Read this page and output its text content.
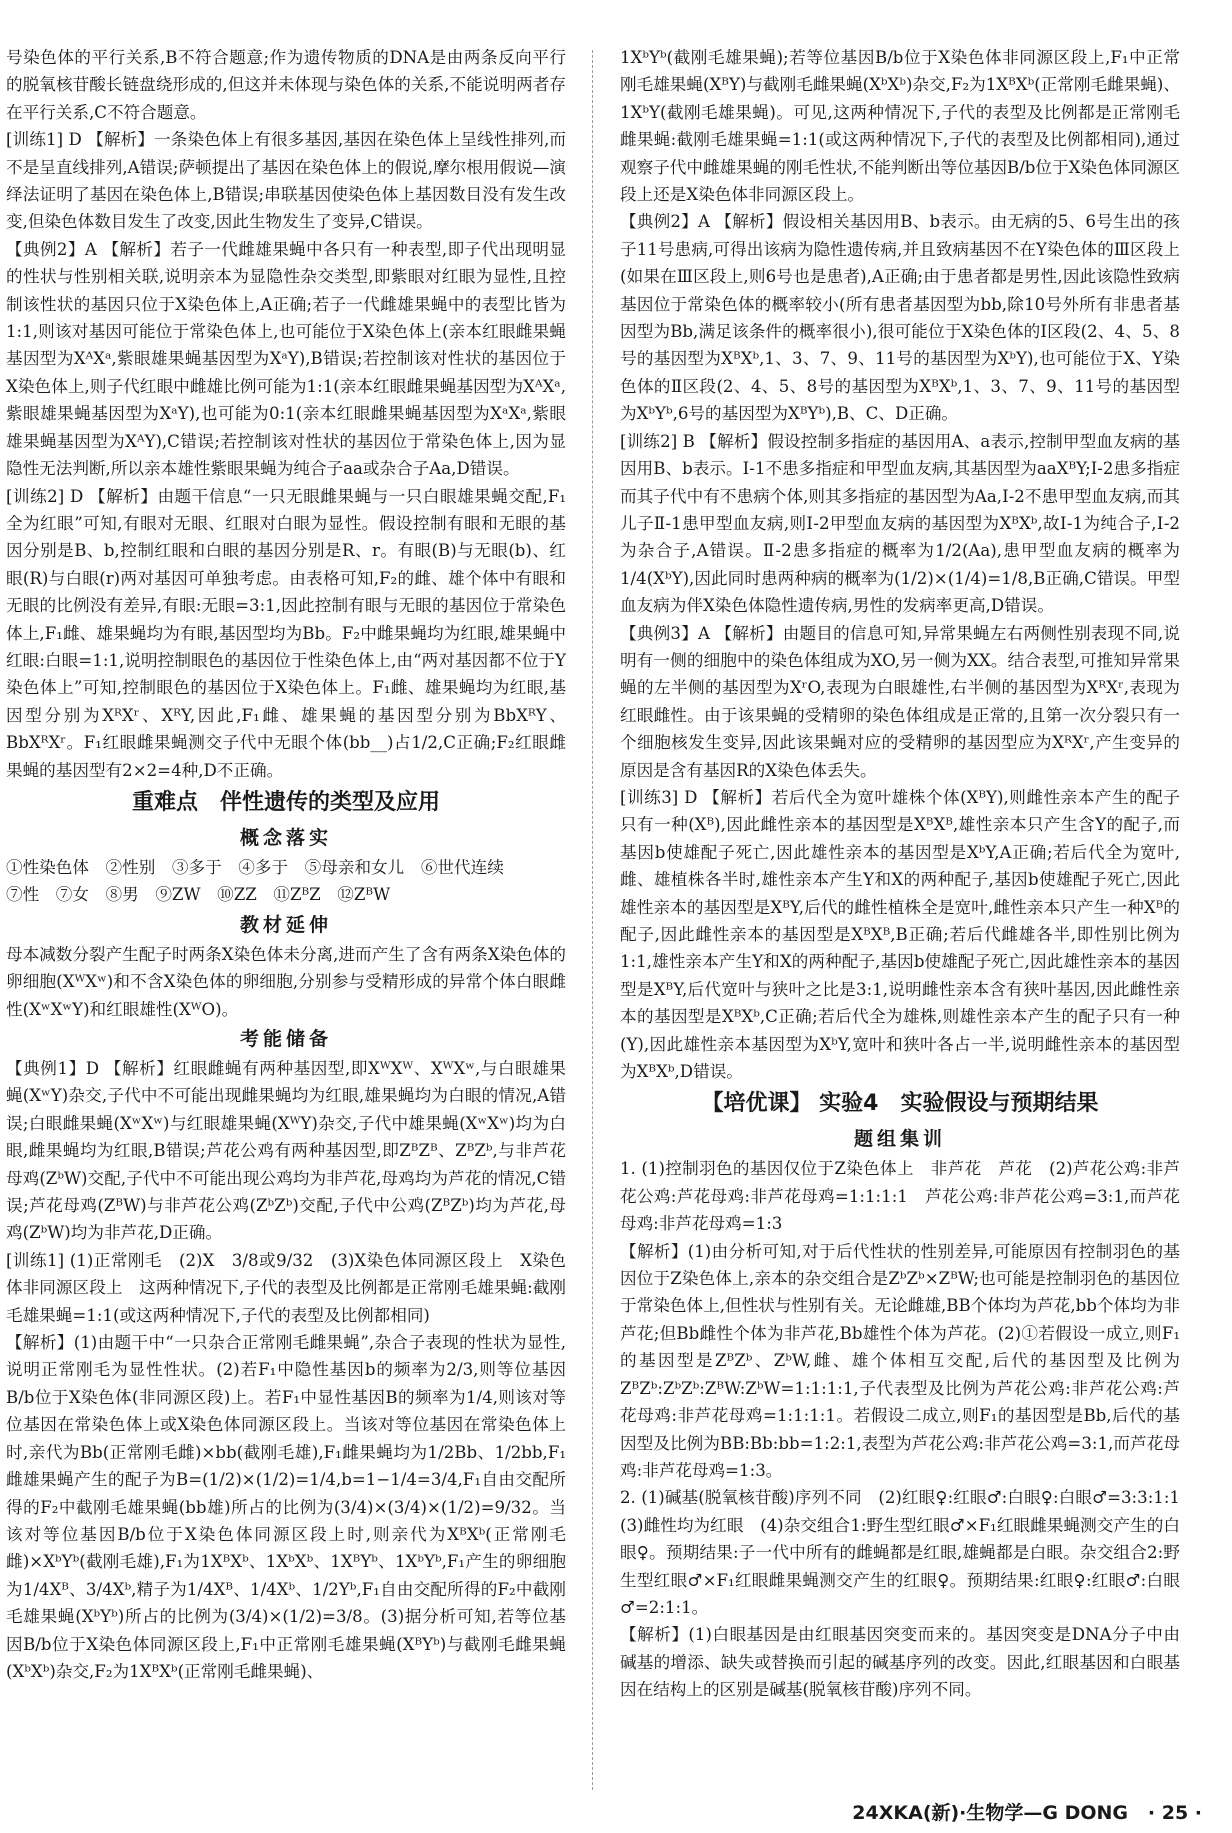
号染色体的平行关系,B不符合题意;作为遗传物质的DNA是由两条反向平行的脱氧核苷酸长链盘绕形成的,但这并未体现与染色体的关系,不能说明两者存在平行关系,C不符合题意。

[训练1] D 【解析】一条染色体上有很多基因,基因在染色体上呈线性排列,而不是呈直线排列,A错误;萨顿提出了基因在染色体上的假说,摩尔根用假说—演绎法证明了基因在染色体上,B错误;串联基因使染色体上基因数目没有发生改变,但染色体数目发生了改变,因此生物发生了变异,C错误。

【典例2】A 【解析】若子一代雌雄果蝇中各只有一种表型,即子代出现明显的性状与性别相关联,说明亲本为显隐性杂交类型,即紫眼对红眼为显性,且控制该性状的基因只位于X染色体上,A正确;若子一代雌雄果蝇中的表型比皆为1:1,则该对基因可能位于常染色体上,也可能位于X染色体上(亲本红眼雌果蝇基因型为XᴬXᵃ,紫眼雄果蝇基因型为XᵃY),B错误;若控制该对性状的基因位于X染色体上,则子代红眼中雌雄比例可能为1:1(亲本红眼雌果蝇基因型为XᴬXᵃ,紫眼雄果蝇基因型为XᵃY),也可能为0:1(亲本红眼雌果蝇基因型为XᵃXᵃ,紫眼雄果蝇基因型为XᴬY),C错误;若控制该对性状的基因位于常染色体上,因为显隐性无法判断,所以亲本雄性紫眼果蝇为纯合子aa或杂合子Aa,D错误。

[训练2] D 【解析】由题干信息“一只无眼雌果蝇与一只白眼雄果蝇交配,F₁全为红眼”可知,有眼对无眼、红眼对白眼为显性。假设控制有眼和无眼的基因分别是B、b,控制红眼和白眼的基因分别是R、r。有眼(B)与无眼(b)、红眼(R)与白眼(r)两对基因可单独考虑。由表格可知,F₂的雌、雄个体中有眼和无眼的比例没有差异,有眼:无眼=3:1,因此控制有眼与无眼的基因位于常染色体上,F₁雌、雄果蝇均为有眼,基因型均为Bb。F₂中雌果蝇均为红眼,雄果蝇中红眼:白眼=1:1,说明控制眼色的基因位于性染色体上,由“两对基因都不位于Y染色体上”可知,控制眼色的基因位于X染色体上。F₁雌、雄果蝇均为红眼,基因型分别为XᴿXʳ、XᴿY,因此,F₁雌、雄果蝇的基因型分别为BbXᴿY、BbXᴿXʳ。F₁红眼雌果蝇测交子代中无眼个体(bb__)占1/2,C正确;F₂红眼雌果蝇的基因型有2×2=4种,D不正确。

重难点　伴性遗传的类型及应用
概念落实

①性染色体　②性别　③多于　④多于　⑤母亲和女儿　⑥世代连续

⑦性　⑦女　⑧男　⑨ZW　⑩ZZ　⑪ZᴮZ　⑫ZᴮW

教材延伸

母本减数分裂产生配子时两条X染色体未分离,进而产生了含有两条X染色体的卵细胞(XᵂXʷ)和不含X染色体的卵细胞,分别参与受精形成的异常个体白眼雌性(XʷXʷY)和红眼雄性(XᵂO)。

考能储备

【典例1】D 【解析】红眼雌蝇有两种基因型,即XᵂXᵂ、XᵂXʷ,与白眼雄果蝇(XʷY)杂交,子代中不可能出现雌果蝇均为红眼,雄果蝇均为白眼的情况,A错误;白眼雌果蝇(XʷXʷ)与红眼雄果蝇(XᵂY)杂交,子代中雄果蝇(XʷXʷ)均为白眼,雌果蝇均为红眼,B错误;芦花公鸡有两种基因型,即ZᴮZᴮ、ZᴮZᵇ,与非芦花母鸡(ZᵇW)交配,子代中不可能出现公鸡均为非芦花,母鸡均为芦花的情况,C错误;芦花母鸡(ZᴮW)与非芦花公鸡(ZᵇZᵇ)交配,子代中公鸡(ZᴮZᵇ)均为芦花,母鸡(ZᵇW)均为非芦花,D正确。

[训练1] (1)正常刚毛　(2)X　3/8或9/32　(3)X染色体同源区段上　X染色体非同源区段上　这两种情况下,子代的表型及比例都是正常刚毛雄果蝇:截刚毛雄果蝇=1:1(或这两种情况下,子代的表型及比例都相同)

【解析】(1)由题干中“一只杂合正常刚毛雌果蝇”,杂合子表现的性状为显性,说明正常刚毛为显性性状。(2)若F₁中隐性基因b的频率为2/3,则等位基因B/b位于X染色体(非同源区段)上。若F₁中显性基因B的频率为1/4,则该对等位基因在常染色体上或X染色体同源区段上。当该对等位基因在常染色体上时,亲代为Bb(正常刚毛雌)×bb(截刚毛雄),F₁雌果蝇均为1/2Bb、1/2bb,F₁雌雄果蝇产生的配子为B=(1/2)×(1/2)=1/4,b=1−1/4=3/4,F₁自由交配所得的F₂中截刚毛雄果蝇(bb雄)所占的比例为(3/4)×(3/4)×(1/2)=9/32。当该对等位基因B/b位于X染色体同源区段上时,则亲代为XᴮXᵇ(正常刚毛雌)×XᵇYᵇ(截刚毛雄),F₁为1XᴮXᵇ、1XᵇXᵇ、1XᴮYᵇ、1XᵇYᵇ,F₁产生的卵细胞为1/4Xᴮ、3/4Xᵇ,精子为1/4Xᴮ、1/4Xᵇ、1/2Yᵇ,F₁自由交配所得的F₂中截刚毛雄果蝇(XᵇYᵇ)所占的比例为(3/4)×(1/2)=3/8。(3)据分析可知,若等位基因B/b位于X染色体同源区段上,F₁中正常刚毛雄果蝇(XᴮYᵇ)与截刚毛雌果蝇(XᵇXᵇ)杂交,F₂为1XᴮXᵇ(正常刚毛雌果蝇)、

1XᵇYᵇ(截刚毛雄果蝇);若等位基因B/b位于X染色体非同源区段上,F₁中正常刚毛雄果蝇(XᴮY)与截刚毛雌果蝇(XᵇXᵇ)杂交,F₂为1XᴮXᵇ(正常刚毛雌果蝇)、1XᵇY(截刚毛雄果蝇)。可见,这两种情况下,子代的表型及比例都是正常刚毛雌果蝇:截刚毛雄果蝇=1:1(或这两种情况下,子代的表型及比例都相同),通过观察子代中雌雄果蝇的刚毛性状,不能判断出等位基因B/b位于X染色体同源区段上还是X染色体非同源区段上。

【典例2】A 【解析】假设相关基因用B、b表示。由无病的5、6号生出的孩子11号患病,可得出该病为隐性遗传病,并且致病基因不在Y染色体的Ⅲ区段上(如果在Ⅲ区段上,则6号也是患者),A正确;由于患者都是男性,因此该隐性致病基因位于常染色体的概率较小(所有患者基因型为bb,除10号外所有非患者基因型为Bb,满足该条件的概率很小),很可能位于X染色体的Ⅰ区段(2、4、5、8号的基因型为XᴮXᵇ,1、3、7、9、11号的基因型为XᵇY),也可能位于X、Y染色体的Ⅱ区段(2、4、5、8号的基因型为XᴮXᵇ,1、3、7、9、11号的基因型为XᵇYᵇ,6号的基因型为XᴮYᵇ),B、C、D正确。

[训练2] B 【解析】假设控制多指症的基因用A、a表示,控制甲型血友病的基因用B、b表示。Ⅰ-1不患多指症和甲型血友病,其基因型为aaXᴮY;Ⅰ-2患多指症而其子代中有不患病个体,则其多指症的基因型为Aa,Ⅰ-2不患甲型血友病,而其儿子Ⅱ-1患甲型血友病,则Ⅰ-2甲型血友病的基因型为XᴮXᵇ,故Ⅰ-1为纯合子,Ⅰ-2为杂合子,A错误。Ⅱ-2患多指症的概率为1/2(Aa),患甲型血友病的概率为1/4(XᵇY),因此同时患两种病的概率为(1/2)×(1/4)=1/8,B正确,C错误。甲型血友病为伴X染色体隐性遗传病,男性的发病率更高,D错误。

【典例3】A 【解析】由题目的信息可知,异常果蝇左右两侧性别表现不同,说明有一侧的细胞中的染色体组成为XO,另一侧为XX。结合表型,可推知异常果蝇的左半侧的基因型为XʳO,表现为白眼雄性,右半侧的基因型为XᴿXʳ,表现为红眼雌性。由于该果蝇的受精卵的染色体组成是正常的,且第一次分裂只有一个细胞核发生变异,因此该果蝇对应的受精卵的基因型应为XᴿXʳ,产生变异的原因是含有基因R的X染色体丢失。

[训练3] D 【解析】若后代全为宽叶雄株个体(XᴮY),则雌性亲本产生的配子只有一种(Xᴮ),因此雌性亲本的基因型是XᴮXᴮ,雄性亲本只产生含Y的配子,而基因b使雄配子死亡,因此雄性亲本的基因型是XᵇY,A正确;若后代全为宽叶,雌、雄植株各半时,雄性亲本产生Y和X的两种配子,基因b使雄配子死亡,因此雄性亲本的基因型是XᴮY,后代的雌性植株全是宽叶,雌性亲本只产生一种Xᴮ的配子,因此雌性亲本的基因型是XᴮXᴮ,B正确;若后代雌雄各半,即性别比例为1:1,雄性亲本产生Y和X的两种配子,基因b使雄配子死亡,因此雄性亲本的基因型是XᴮY,后代宽叶与狭叶之比是3:1,说明雌性亲本含有狭叶基因,因此雌性亲本的基因型是XᴮXᵇ,C正确;若后代全为雄株,则雄性亲本产生的配子只有一种(Y),因此雄性亲本基因型为XᵇY,宽叶和狭叶各占一半,说明雌性亲本的基因型为XᴮXᵇ,D错误。

【培优课】 实验4　实验假设与预期结果
题组集训

1. (1)控制羽色的基因仅位于Z染色体上　非芦花　芦花　(2)芦花公鸡:非芦花公鸡:芦花母鸡:非芦花母鸡=1:1:1:1　芦花公鸡:非芦花公鸡=3:1,而芦花母鸡:非芦花母鸡=1:3

【解析】(1)由分析可知,对于后代性状的性别差异,可能原因有控制羽色的基因位于Z染色体上,亲本的杂交组合是ZᵇZᵇ×ZᴮW;也可能是控制羽色的基因位于常染色体上,但性状与性别有关。无论雌雄,BB个体均为芦花,bb个体均为非芦花;但Bb雌性个体为非芦花,Bb雄性个体为芦花。(2)①若假设一成立,则F₁的基因型是ZᴮZᵇ、ZᵇW,雌、雄个体相互交配,后代的基因型及比例为ZᴮZᵇ:ZᵇZᵇ:ZᴮW:ZᵇW=1:1:1:1,子代表型及比例为芦花公鸡:非芦花公鸡:芦花母鸡:非芦花母鸡=1:1:1:1。若假设二成立,则F₁的基因型是Bb,后代的基因型及比例为BB:Bb:bb=1:2:1,表型为芦花公鸡:非芦花公鸡=3:1,而芦花母鸡:非芦花母鸡=1:3。

2. (1)碱基(脱氧核苷酸)序列不同　(2)红眼♀:红眼♂:白眼♀:白眼♂=3:3:1:1　(3)雌性均为红眼　(4)杂交组合1:野生型红眼♂×F₁红眼雌果蝇测交产生的白眼♀。预期结果:子一代中所有的雌蝇都是红眼,雄蝇都是白眼。杂交组合2:野生型红眼♂×F₁红眼雌果蝇测交产生的红眼♀。预期结果:红眼♀:红眼♂:白眼♂=2:1:1。

【解析】(1)白眼基因是由红眼基因突变而来的。基因突变是DNA分子中由碱基的增添、缺失或替换而引起的碱基序列的改变。因此,红眼基因和白眼基因在结构上的区别是碱基(脱氧核苷酸)序列不同。

24XKA(新)·生物学—G DONG · 25 ·
